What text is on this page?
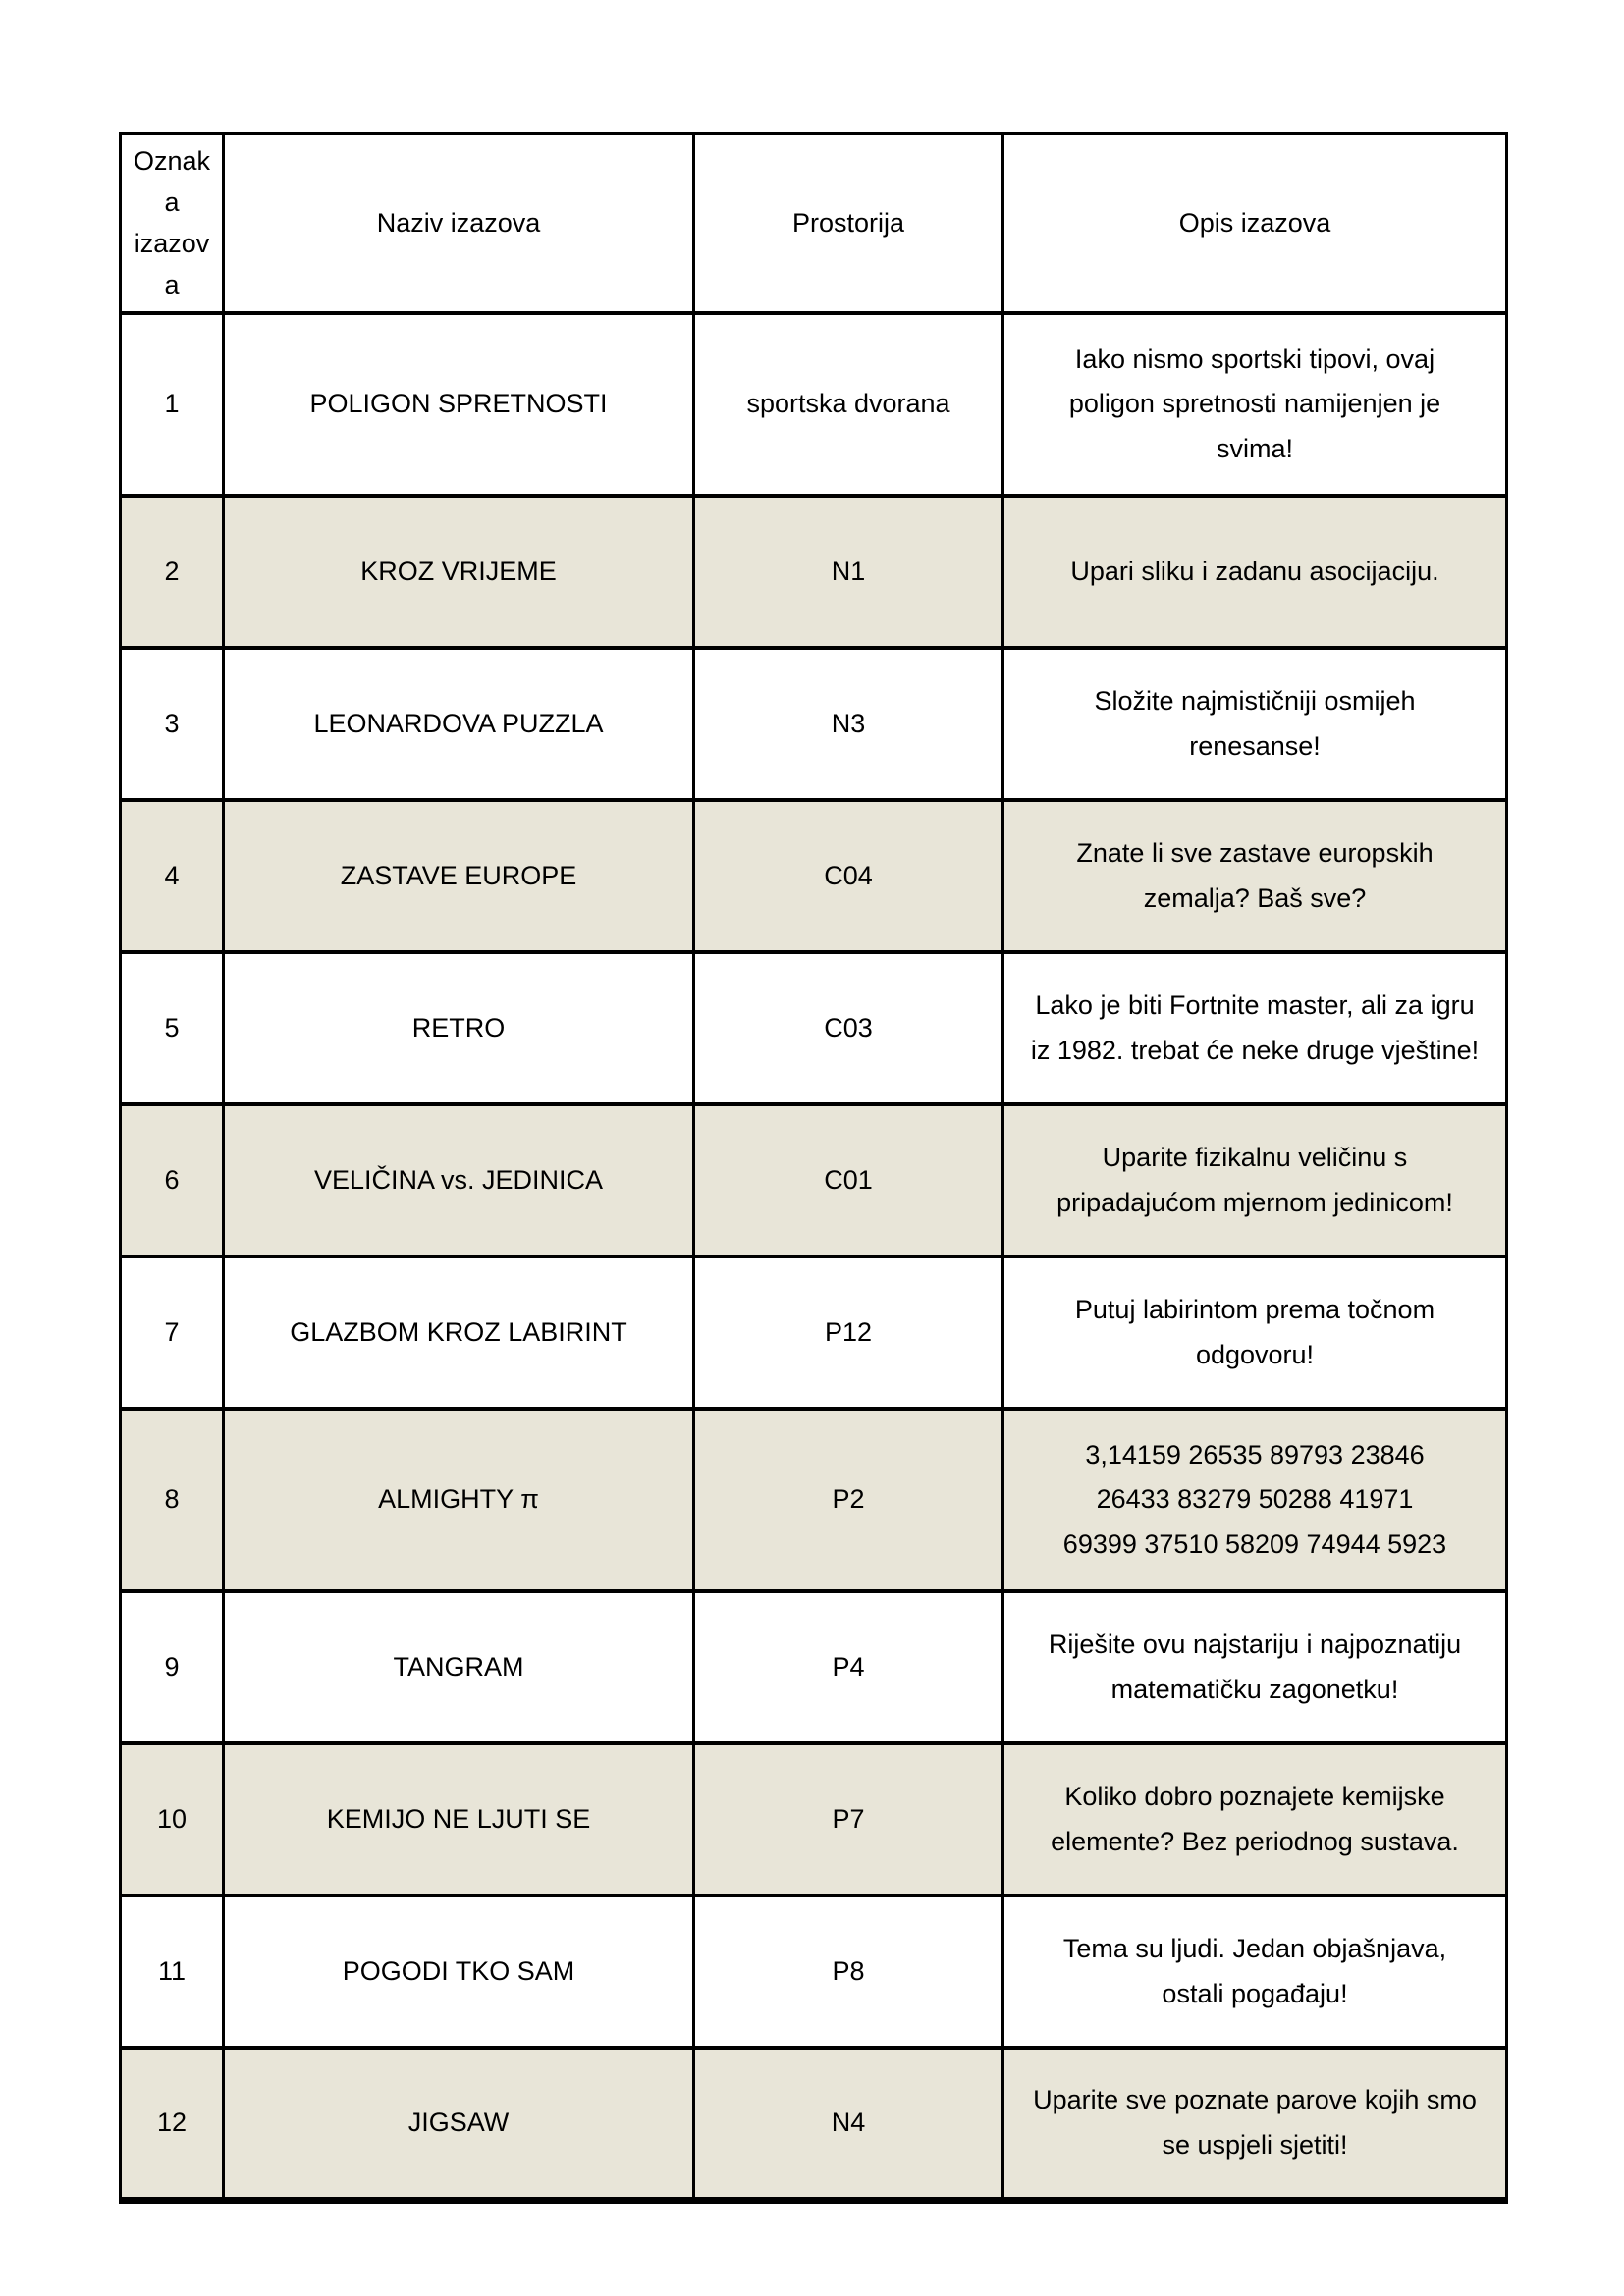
Oznaka izazova	Naziv izazova	Prostorija	Opis izazova
1	POLIGON SPRETNOSTI	sportska dvorana	Iako nismo sportski tipovi, ovaj poligon spretnosti namijenjen je svima!
2	KROZ VRIJEME	N1	Upari sliku i zadanu asocijaciju.
3	LEONARDOVA PUZZLA	N3	Složite najmističniji osmijeh renesanse!
4	ZASTAVE EUROPE	C04	Znate li sve zastave europskih zemalja? Baš sve?
5	RETRO	C03	Lako je biti Fortnite master, ali za igru iz 1982. trebat će neke druge vještine!
6	VELIČINA vs. JEDINICA	C01	Uparite fizikalnu veličinu s pripadajućom mjernom jedinicom!
7	GLAZBOM KROZ LABIRINT	P12	Putuj labirintom prema točnom odgovoru!
8	ALMIGHTY π	P2	3,14159 26535 89793 23846 26433 83279 50288 41971 69399 37510 58209 74944 5923
9	TANGRAM	P4	Riješite ovu najstariju i najpoznatiju matematičku zagonetku!
10	KEMIJO NE LJUTI SE	P7	Koliko dobro poznajete kemijske elemente? Bez periodnog sustava.
11	POGODI TKO SAM	P8	Tema su ljudi. Jedan objašnjava, ostali pogađaju!
12	JIGSAW	N4	Uparite sve poznate parove kojih smo se uspjeli sjetiti!
